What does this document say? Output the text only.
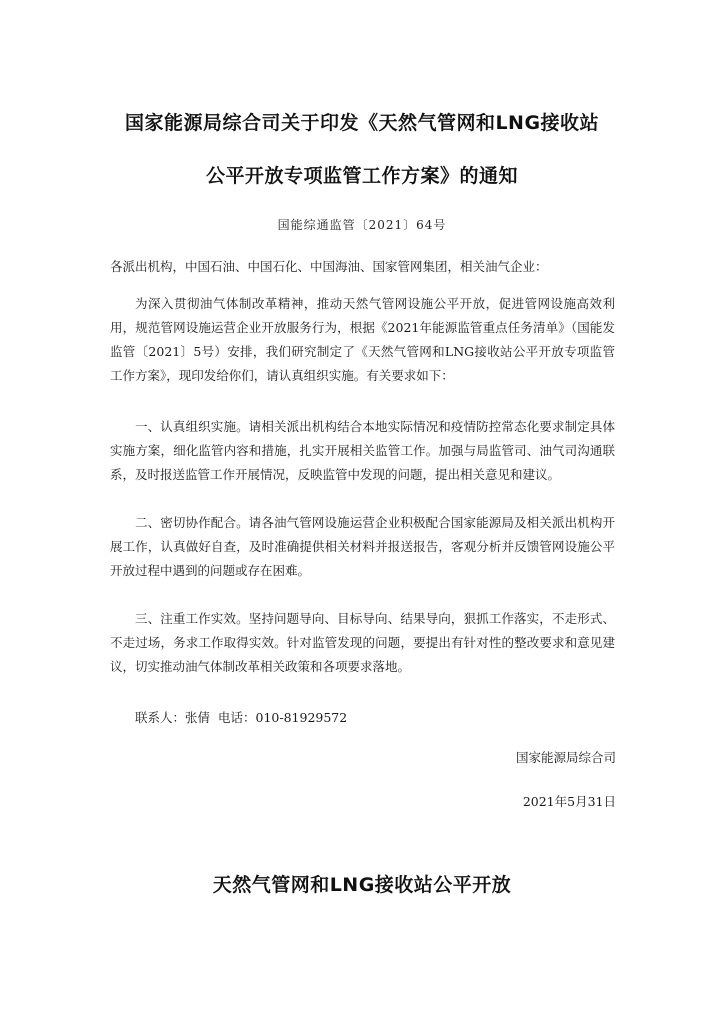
国家能源局综合司关于印发《天然气管网和LNG接收站
公平开放专项监管工作方案》的通知
国能综通监管〔2021〕64号
各派出机构，中国石油、中国石化、中国海油、国家管网集团，相关油气企业：
为深入贯彻油气体制改革精神，推动天然气管网设施公平开放，促进管网设施高效利用，规范管网设施运营企业开放服务行为，根据《2021年能源监管重点任务清单》（国能发监管〔2021〕5号）安排，我们研究制定了《天然气管网和LNG接收站公平开放专项监管工作方案》，现印发给你们，请认真组织实施。有关要求如下：
一、认真组织实施。请相关派出机构结合本地实际情况和疫情防控常态化要求制定具体实施方案，细化监管内容和措施，扎实开展相关监管工作。加强与局监管司、油气司沟通联系，及时报送监管工作开展情况，反映监管中发现的问题，提出相关意见和建议。
二、密切协作配合。请各油气管网设施运营企业积极配合国家能源局及相关派出机构开展工作，认真做好自查，及时准确提供相关材料并报送报告，客观分析并反馈管网设施公平开放过程中遇到的问题或存在困难。
三、注重工作实效。坚持问题导向、目标导向、结果导向，狠抓工作落实，不走形式、不走过场，务求工作取得实效。针对监管发现的问题，要提出有针对性的整改要求和意见建议，切实推动油气体制改革相关政策和各项要求落地。
联系人：张倩 电话：010-81929572
国家能源局综合司
2021年5月31日
天然气管网和LNG接收站公平开放
